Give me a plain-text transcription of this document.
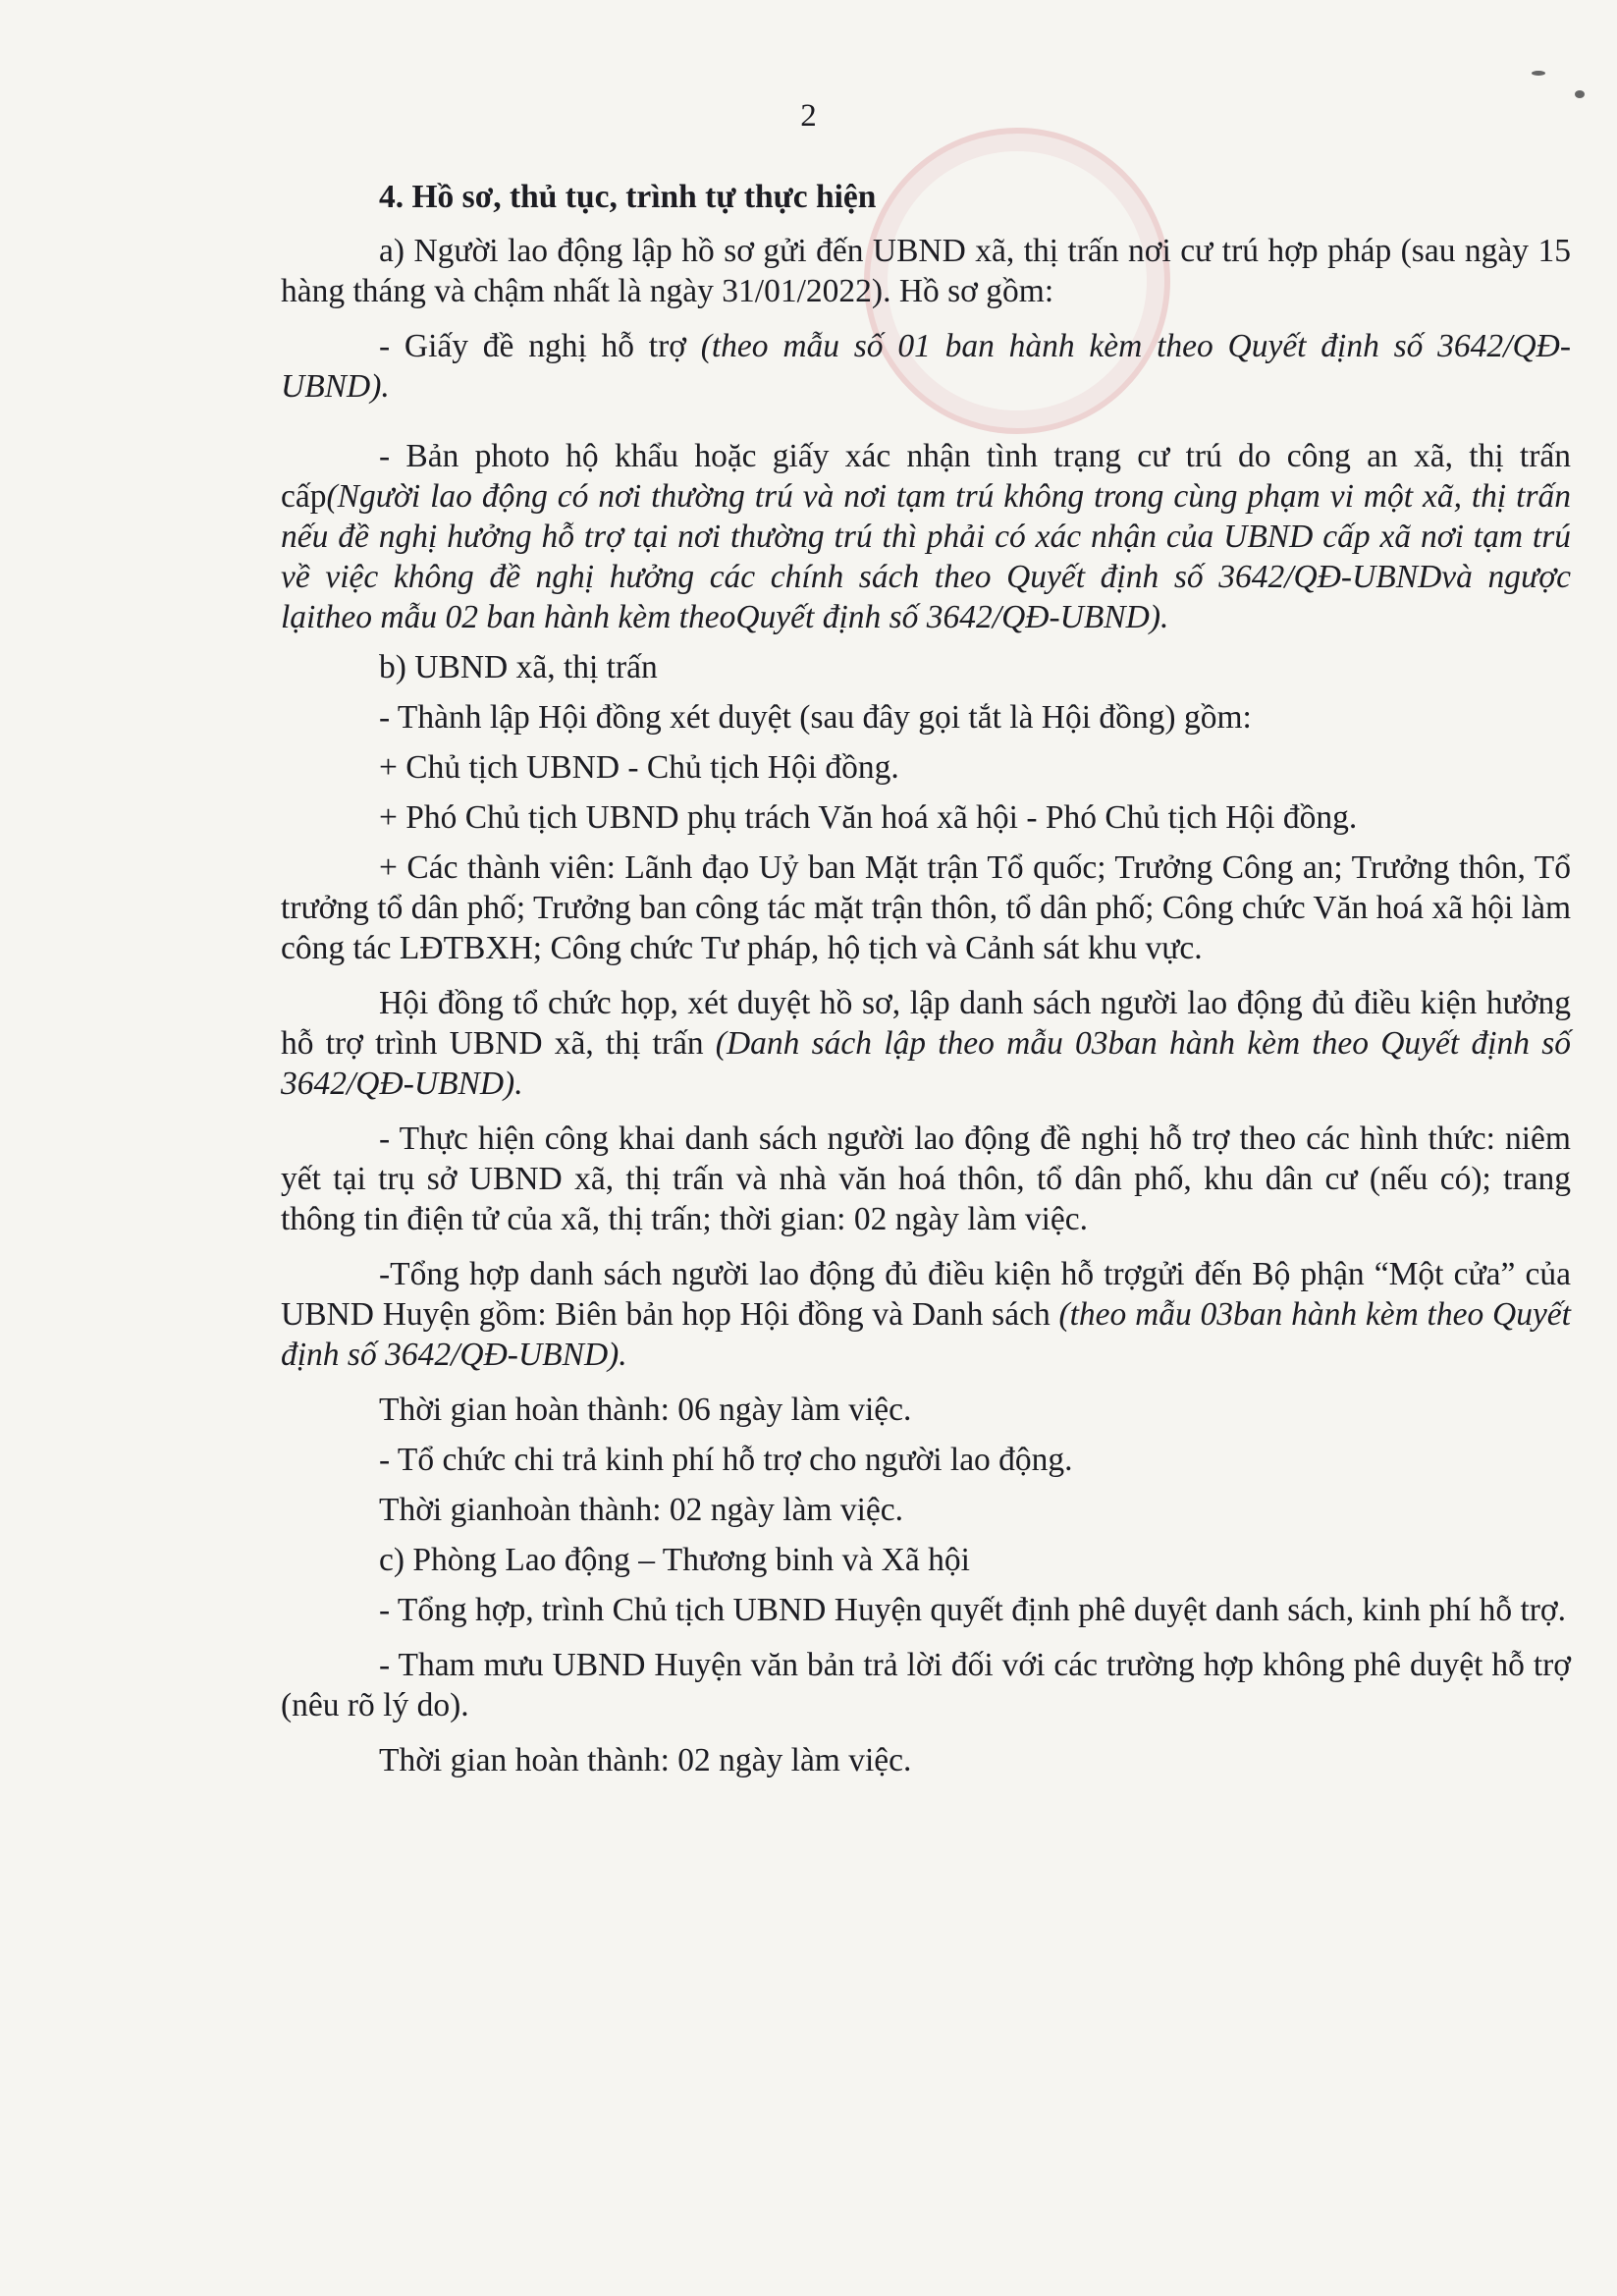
2

4. Hồ sơ, thủ tục, trình tự thực hiện

a) Người lao động lập hồ sơ gửi đến UBND xã, thị trấn nơi cư trú hợp pháp (sau ngày 15 hàng tháng và chậm nhất là ngày 31/01/2022). Hồ sơ gồm:

- Giấy đề nghị hỗ trợ (theo mẫu số 01 ban hành kèm theo Quyết định số 3642/QĐ-UBND).

- Bản photo hộ khẩu hoặc giấy xác nhận tình trạng cư trú do công an xã, thị trấn cấp(Người lao động có nơi thường trú và nơi tạm trú không trong cùng phạm vi một xã, thị trấn nếu đề nghị hưởng hỗ trợ tại nơi thường trú thì phải có xác nhận của UBND cấp xã nơi tạm trú về việc không đề nghị hưởng các chính sách theo Quyết định số 3642/QĐ-UBNDvà ngược lạitheo mẫu 02 ban hành kèm theoQuyết định số 3642/QĐ-UBND).

b) UBND xã, thị trấn

- Thành lập Hội đồng xét duyệt (sau đây gọi tắt là Hội đồng) gồm:

+ Chủ tịch UBND - Chủ tịch Hội đồng.

+ Phó Chủ tịch UBND phụ trách Văn hoá xã hội - Phó Chủ tịch Hội đồng.

+ Các thành viên: Lãnh đạo Uỷ ban Mặt trận Tổ quốc; Trưởng Công an; Trưởng thôn, Tổ trưởng tổ dân phố; Trưởng ban công tác mặt trận thôn, tổ dân phố; Công chức Văn hoá xã hội làm công tác LĐTBXH; Công chức Tư pháp, hộ tịch và Cảnh sát khu vực.

Hội đồng tổ chức họp, xét duyệt hồ sơ, lập danh sách người lao động đủ điều kiện hưởng hỗ trợ trình UBND xã, thị trấn (Danh sách lập theo mẫu 03ban hành kèm theo Quyết định số 3642/QĐ-UBND).

- Thực hiện công khai danh sách người lao động đề nghị hỗ trợ theo các hình thức: niêm yết tại trụ sở UBND xã, thị trấn và nhà văn hoá thôn, tổ dân phố, khu dân cư (nếu có); trang thông tin điện tử của xã, thị trấn; thời gian: 02 ngày làm việc.

-Tổng hợp danh sách người lao động đủ điều kiện hỗ trợgửi đến Bộ phận “Một cửa” của UBND Huyện gồm: Biên bản họp Hội đồng và Danh sách (theo mẫu 03ban hành kèm theo Quyết định số 3642/QĐ-UBND).

Thời gian hoàn thành: 06 ngày làm việc.

- Tổ chức chi trả kinh phí hỗ trợ cho người lao động.

Thời gianhoàn thành: 02 ngày làm việc.

c) Phòng Lao động – Thương binh và Xã hội

- Tổng hợp, trình Chủ tịch UBND Huyện quyết định phê duyệt danh sách, kinh phí hỗ trợ.

- Tham mưu UBND Huyện văn bản trả lời đối với các trường hợp không phê duyệt hỗ trợ (nêu rõ lý do).

Thời gian hoàn thành: 02 ngày làm việc.
